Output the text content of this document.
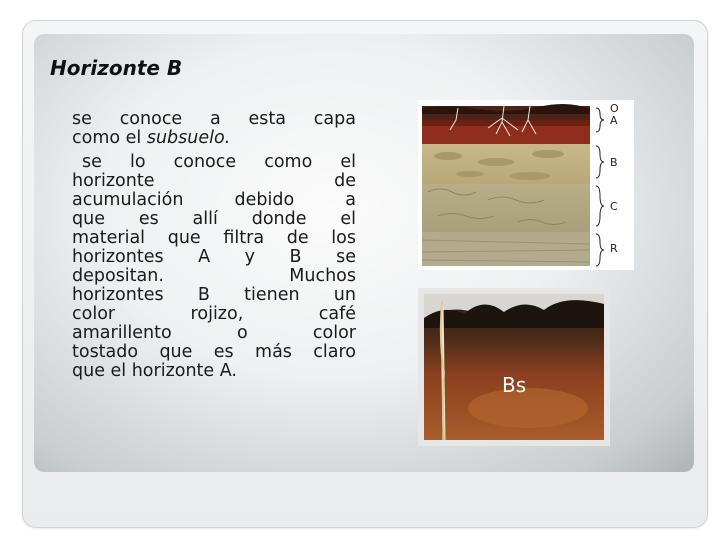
Horizonte B
se conoce a esta capa
como el subsuelo.
se lo conoce como el
horizonte de
acumulación debido a
que es allí donde el
material que filtra de los
horizontes A y B se
depositan. Muchos
horizontes B tienen un
color rojizo, café
amarillento o color
tostado que es más claro
que el horizonte A.
O
A
B
C
R
Bs
